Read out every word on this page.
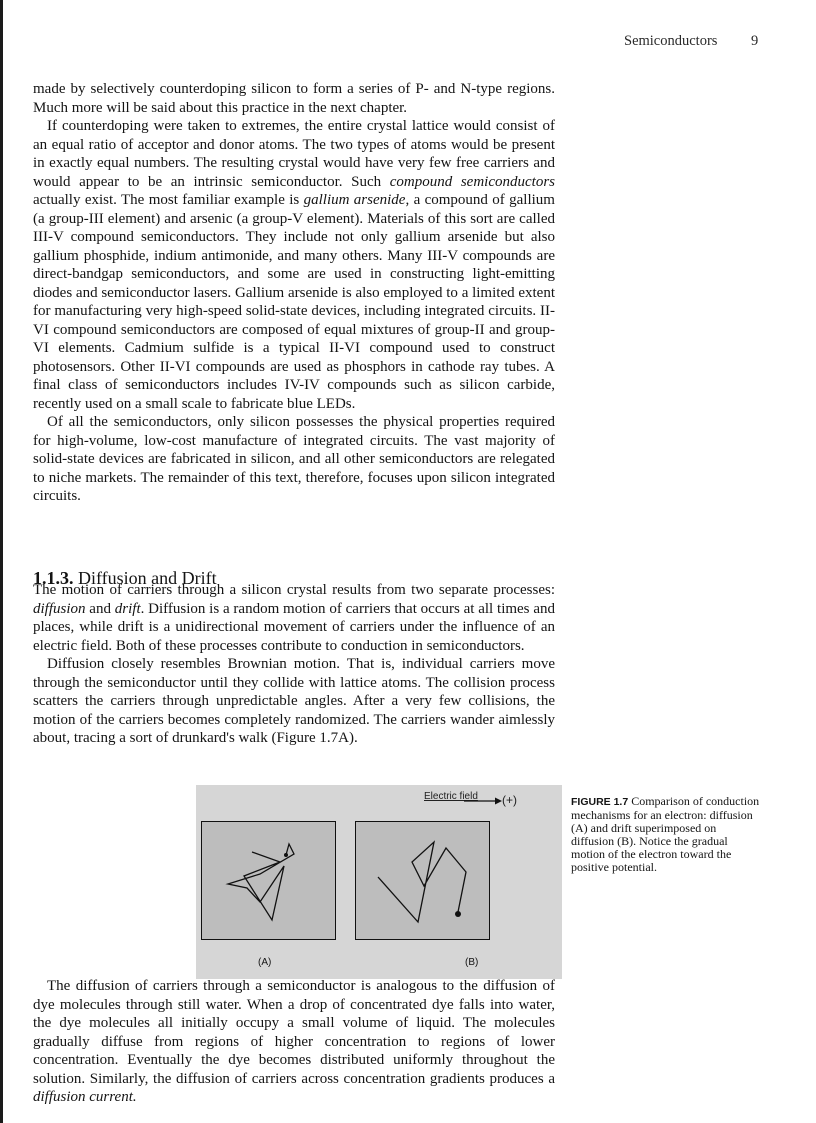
Semiconductors 9

made by selectively counterdoping silicon to form a series of P- and N-type regions. Much more will be said about this practice in the next chapter.

If counterdoping were taken to extremes, the entire crystal lattice would consist of an equal ratio of acceptor and donor atoms. The two types of atoms would be present in exactly equal numbers. The resulting crystal would have very few free carriers and would appear to be an intrinsic semiconductor. Such compound semiconductors actually exist. The most familiar example is gallium arsenide, a compound of gallium (a group-III element) and arsenic (a group-V element). Materials of this sort are called III-V compound semiconductors. They include not only gallium arsenide but also gallium phosphide, indium antimonide, and many others. Many III-V compounds are direct-bandgap semiconductors, and some are used in constructing light-emitting diodes and semiconductor lasers. Gallium arsenide is also employed to a limited extent for manufacturing very high-speed solid-state devices, including integrated circuits. II-VI compound semiconductors are composed of equal mixtures of group-II and group-VI elements. Cadmium sulfide is a typical II-VI compound used to construct photosensors. Other II-VI compounds are used as phosphors in cathode ray tubes. A final class of semiconductors includes IV-IV compounds such as silicon carbide, recently used on a small scale to fabricate blue LEDs.

Of all the semiconductors, only silicon possesses the physical properties required for high-volume, low-cost manufacture of integrated circuits. The vast majority of solid-state devices are fabricated in silicon, and all other semiconductors are relegated to niche markets. The remainder of this text, therefore, focuses upon silicon integrated circuits.

1.1.3. Diffusion and Drift

The motion of carriers through a silicon crystal results from two separate processes: diffusion and drift. Diffusion is a random motion of carriers that occurs at all times and places, while drift is a unidirectional movement of carriers under the influence of an electric field. Both of these processes contribute to conduction in semiconductors.

Diffusion closely resembles Brownian motion. That is, individual carriers move through the semiconductor until they collide with lattice atoms. The collision process scatters the carriers through unpredictable angles. After a very few collisions, the motion of the carriers becomes completely randomized. The carriers wander aimlessly about, tracing a sort of drunkard's walk (Figure 1.7A).

Electric field (+)
(A)	(B)
FIGURE 1.7 Comparison of conduction mechanisms for an electron: diffusion (A) and drift superimposed on diffusion (B). Notice the gradual motion of the electron toward the positive potential.

The diffusion of carriers through a semiconductor is analogous to the diffusion of dye molecules through still water. When a drop of concentrated dye falls into water, the dye molecules all initially occupy a small volume of liquid. The molecules gradually diffuse from regions of higher concentration to regions of lower concentration. Eventually the dye becomes distributed uniformly throughout the solution. Similarly, the diffusion of carriers across concentration gradients produces a diffusion current.
